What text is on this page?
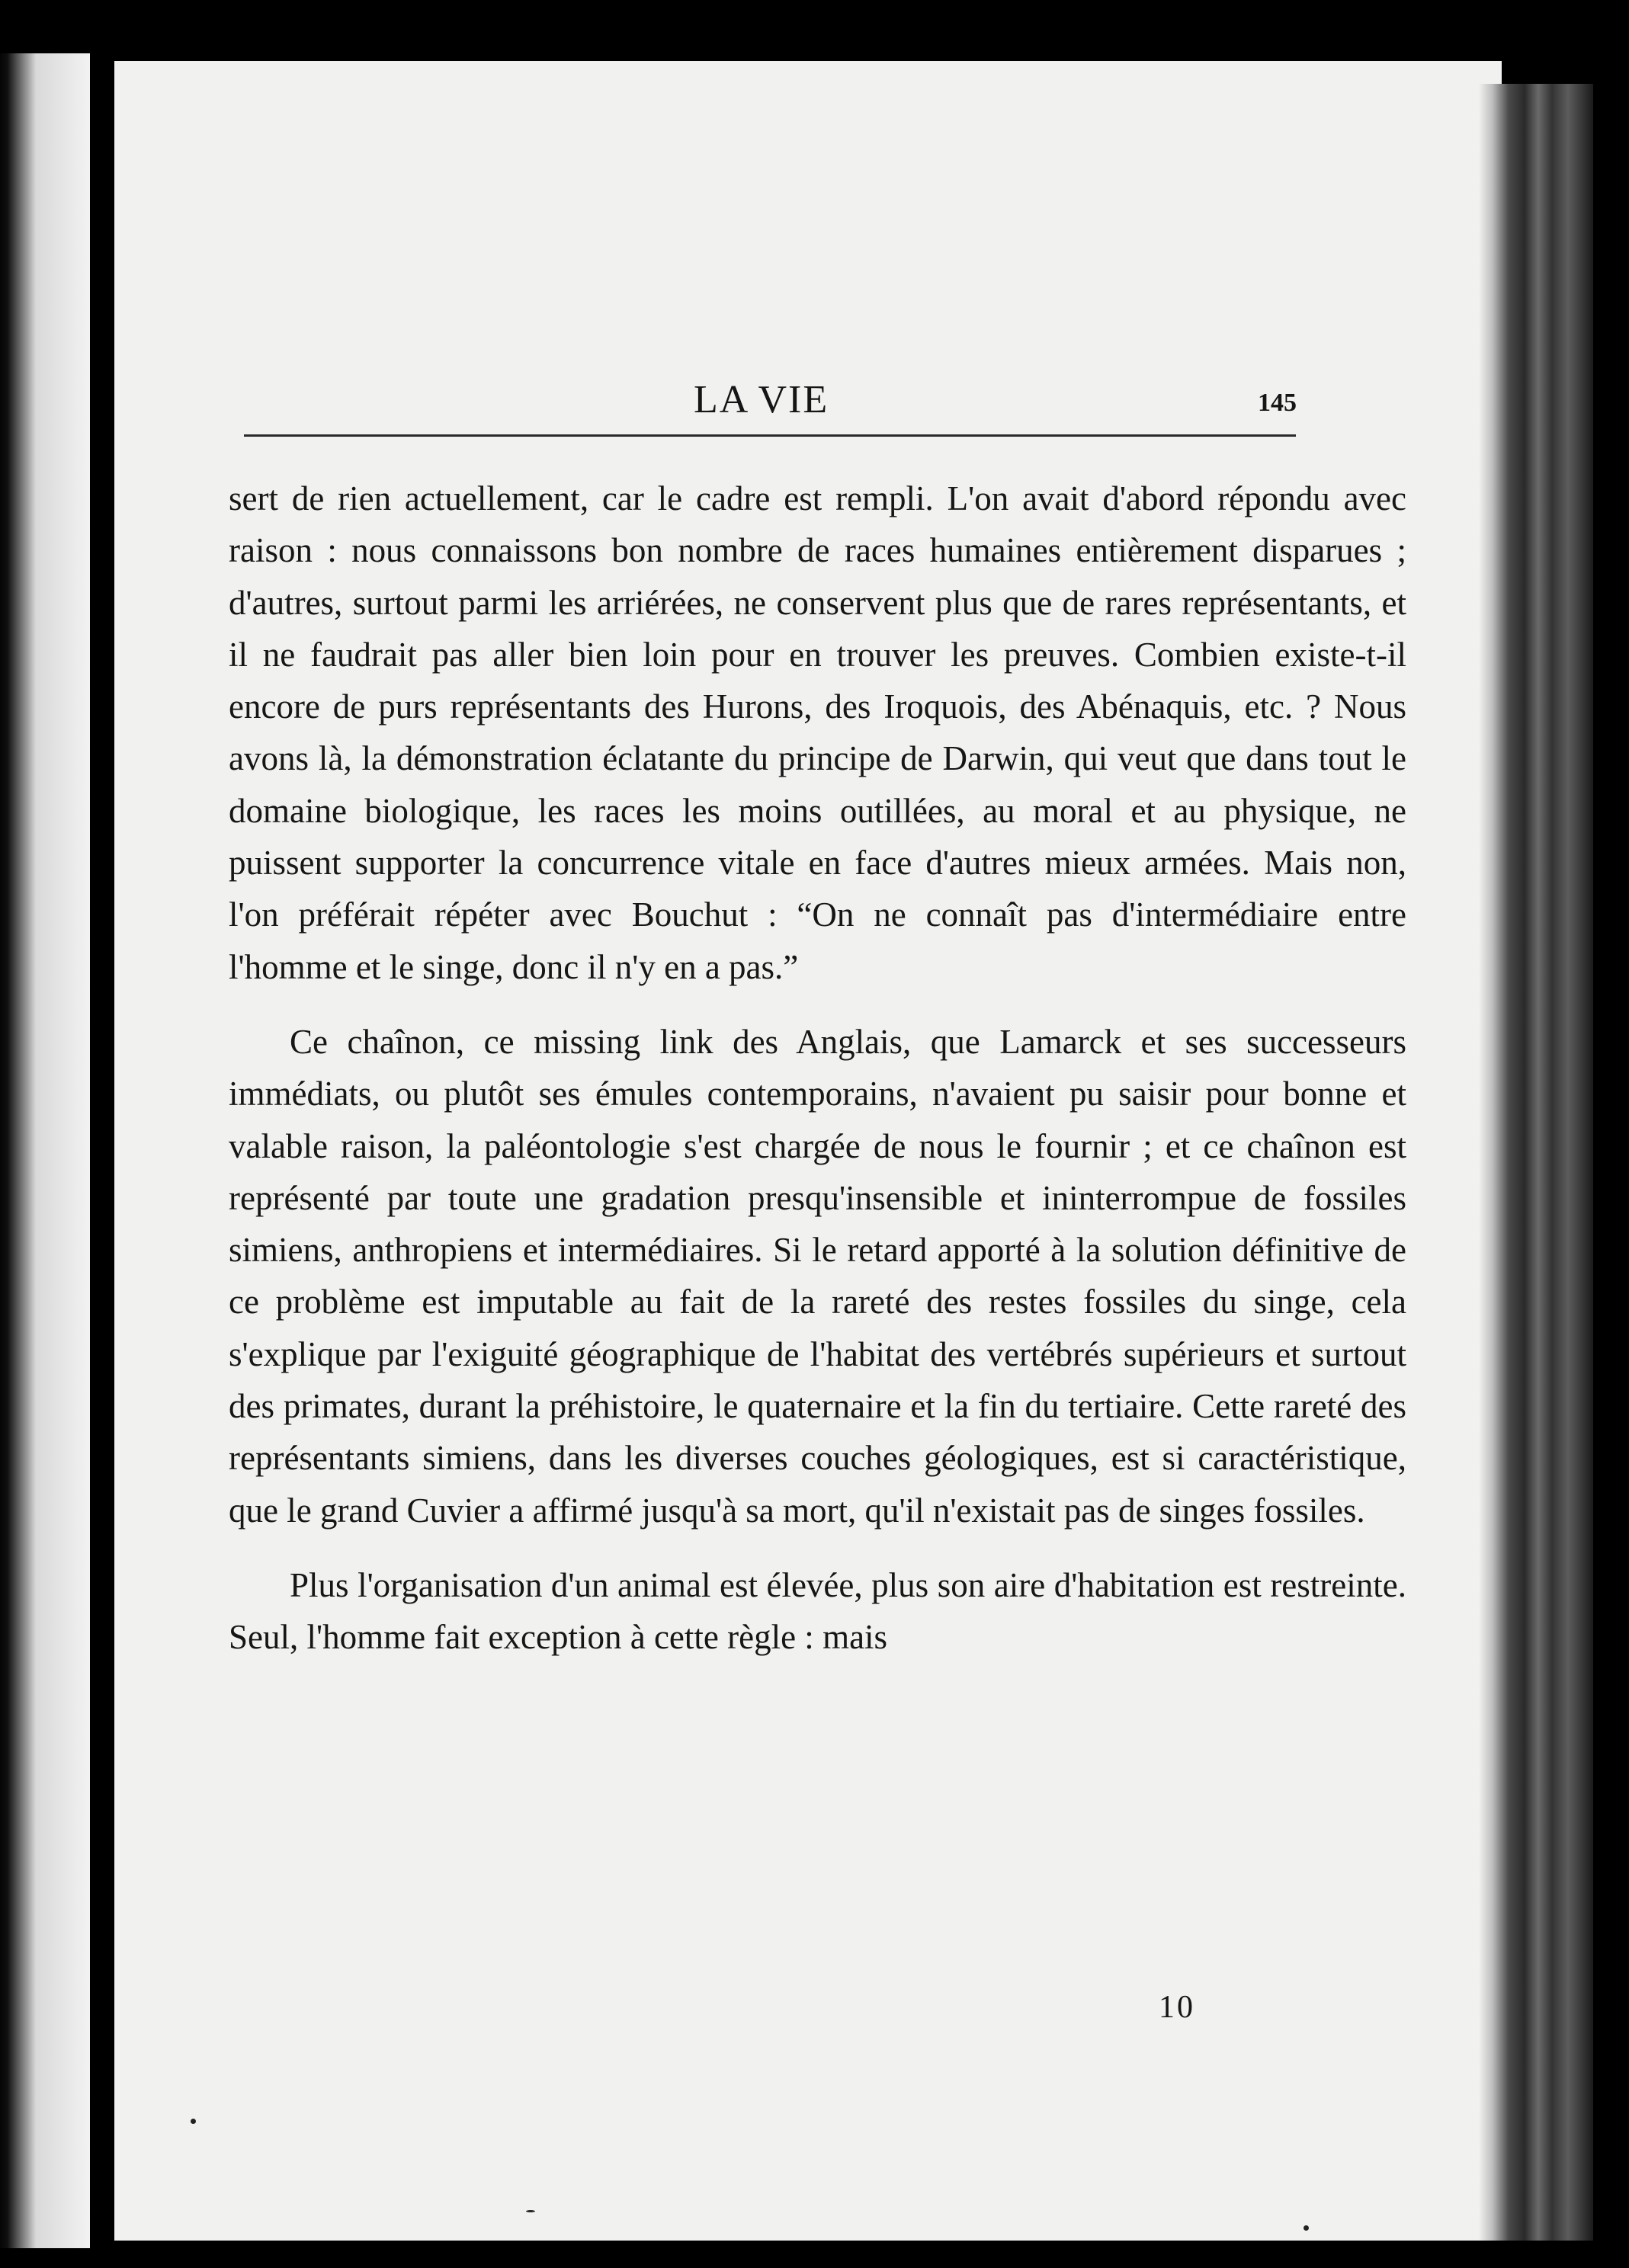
LA VIE	145

sert de rien actuellement, car le cadre est rempli. L'on avait d'abord répondu avec raison : nous connaissons bon nombre de races humaines entièrement disparues ; d'autres, surtout parmi les arriérées, ne conservent plus que de rares représentants, et il ne faudrait pas aller bien loin pour en trouver les preuves. Combien existe-t-il encore de purs représentants des Hurons, des Iroquois, des Abénaquis, etc. ? Nous avons là, la démonstration éclatante du principe de Darwin, qui veut que dans tout le domaine biologique, les races les moins outillées, au moral et au physique, ne puissent supporter la concurrence vitale en face d'autres mieux armées. Mais non, l'on préférait répéter avec Bouchut : “On ne connaît pas d'intermédiaire entre l'homme et le singe, donc il n'y en a pas.”

Ce chaînon, ce missing link des Anglais, que Lamarck et ses successeurs immédiats, ou plutôt ses émules contemporains, n'avaient pu saisir pour bonne et valable raison, la paléontologie s'est chargée de nous le fournir ; et ce chaînon est représenté par toute une gradation presqu'insensible et ininterrompue de fossiles simiens, anthropiens et intermédiaires. Si le retard apporté à la solution définitive de ce problème est imputable au fait de la rareté des restes fossiles du singe, cela s'explique par l'exiguité géographique de l'habitat des vertébrés supérieurs et surtout des primates, durant la préhistoire, le quaternaire et la fin du tertiaire. Cette rareté des représentants simiens, dans les diverses couches géologiques, est si caractéristique, que le grand Cuvier a affirmé jusqu'à sa mort, qu'il n'existait pas de singes fossiles.

Plus l'organisation d'un animal est élevée, plus son aire d'habitation est restreinte. Seul, l'homme fait exception à cette règle : mais

10
